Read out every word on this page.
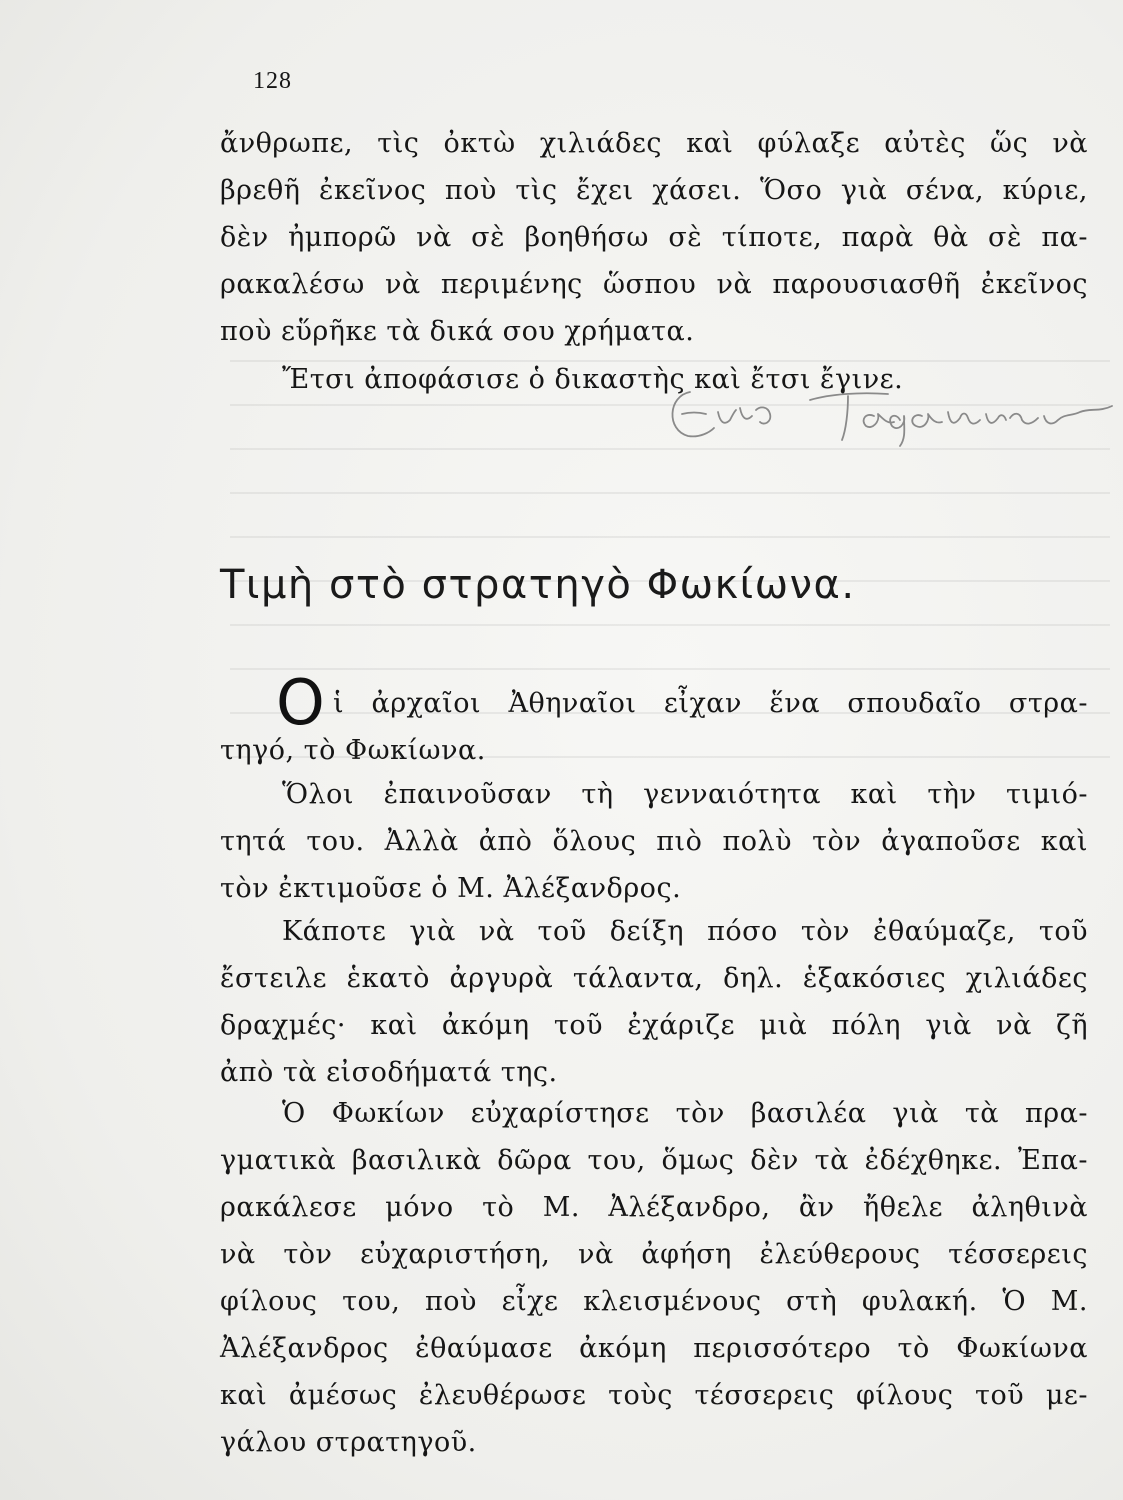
128
ἄνθρωπε, τὶς ὀκτὼ χιλιάδες καὶ φύλαξε αὐτὲς ὥς νὰ
βρεθῆ ἐκεῖνος ποὺ τὶς ἔχει χάσει. Ὅσο γιὰ σένα, κύριε,
δὲν ἠμπορῶ νὰ σὲ βοηθήσω σὲ τίποτε, παρὰ θὰ σὲ πα-
ρακαλέσω νὰ περιμένης ὥσπου νὰ παρουσιασθῆ ἐκεῖνος
ποὺ εὕρῆκε τὰ δικά σου χρήματα.
Ἔτσι ἀποφάσισε ὁ δικαστὴς καὶ ἔτσι ἔγινε.
Τιμὴ στὸ στρατηγὸ Φωκίωνα.
Ο ἱ ἀρχαῖοι Ἀθηναῖοι εἶχαν ἕνα σπουδαῖο στρα-
τηγό, τὸ Φωκίωνα.
Ὅλοι ἐπαινοῦσαν τὴ γενναιότητα καὶ τὴν τιμιό-
τητά του. Ἀλλὰ ἀπὸ ὅλους πιὸ πολὺ τὸν ἀγαποῦσε καὶ
τὸν ἐκτιμοῦσε ὁ Μ. Ἀλέξανδρος.
Κάποτε γιὰ νὰ τοῦ δείξη πόσο τὸν ἐθαύμαζε, τοῦ
ἔστειλε ἑκατὸ ἀργυρὰ τάλαντα, δηλ. ἑξακόσιες χιλιάδες
δραχμές· καὶ ἀκόμη τοῦ ἐχάριζε μιὰ πόλη γιὰ νὰ ζῆ
ἀπὸ τὰ εἰσοδήματά της.
Ὁ Φωκίων εὐχαρίστησε τὸν βασιλέα γιὰ τὰ πρα-
γματικὰ βασιλικὰ δῶρα του, ὅμως δὲν τὰ ἐδέχθηκε. Ἐπα-
ρακάλεσε μόνο τὸ Μ. Ἀλέξανδρο, ἂν ἤθελε ἀληθινὰ
νὰ τὸν εὐχαριστήση, νὰ ἀφήση ἐλεύθερους τέσσερεις
φίλους του, ποὺ εἶχε κλεισμένους στὴ φυλακή. Ὁ Μ.
Ἀλέξανδρος ἐθαύμασε ἀκόμη περισσότερο τὸ Φωκίωνα
καὶ ἀμέσως ἐλευθέρωσε τοὺς τέσσερεις φίλους τοῦ με-
γάλου στρατηγοῦ.
